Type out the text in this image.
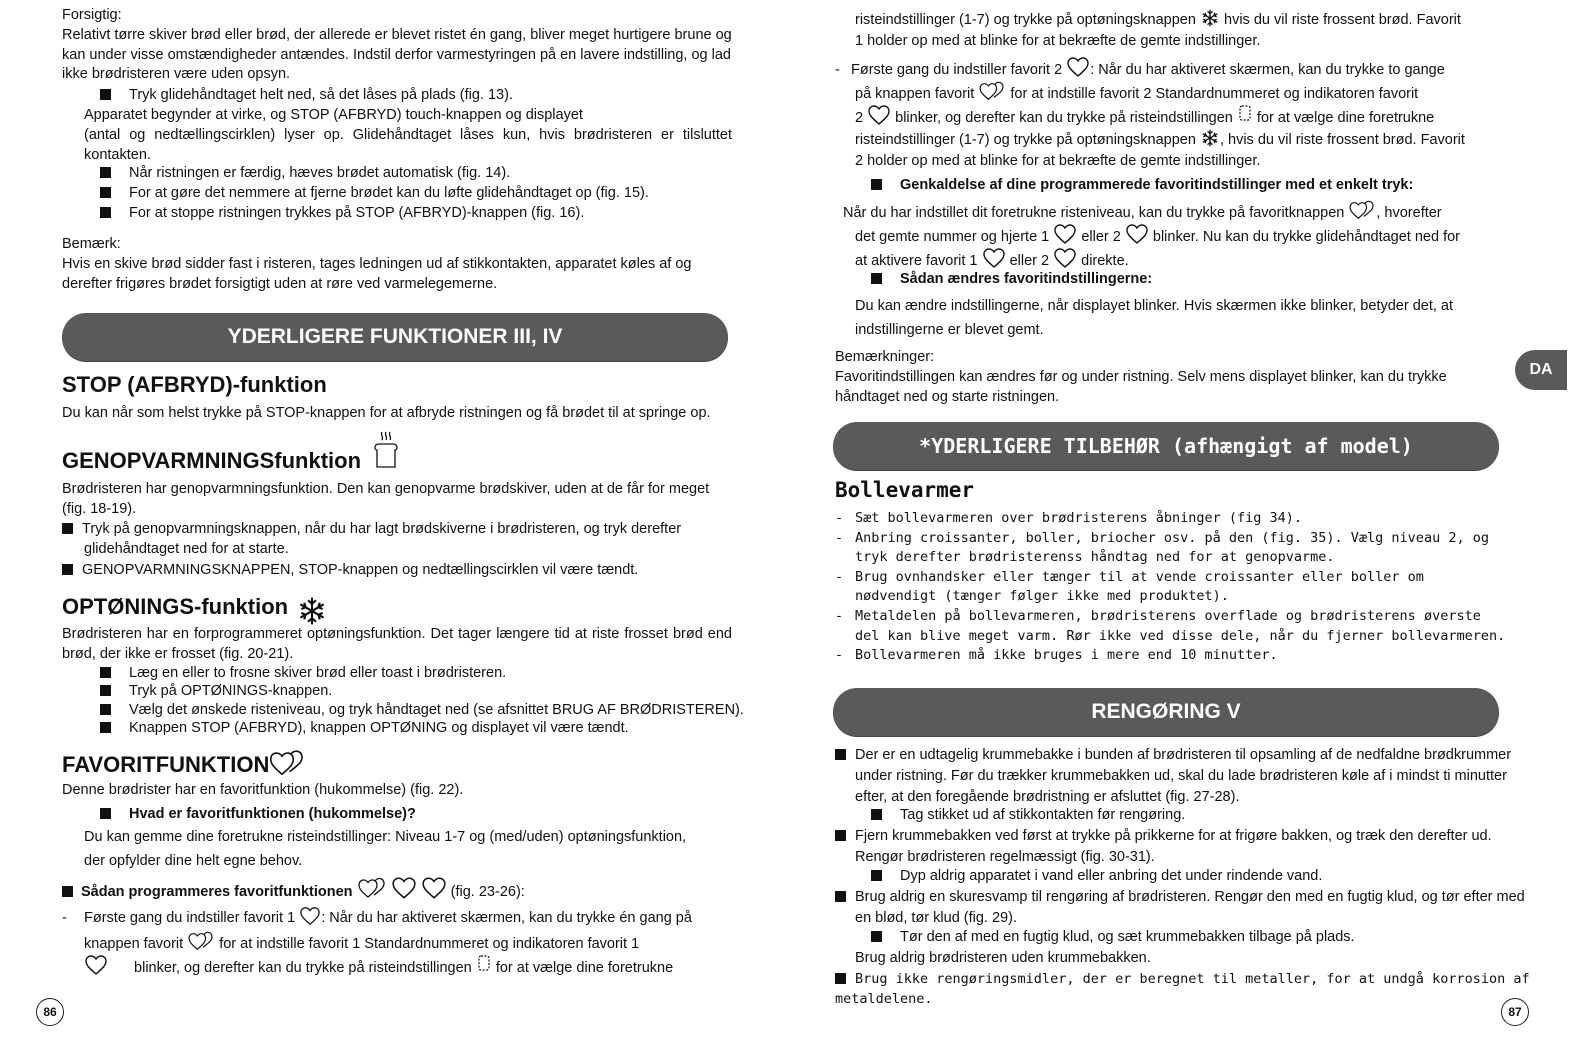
Forsigtig:

Relativt tørre skiver brød eller brød, der allerede er blevet ristet én gang, bliver meget hurtigere brune og kan under visse omstændigheder antændes. Indstil derfor varmestyringen på en lavere indstilling, og lad ikke brødristeren være uden opsyn.

Tryk glidehåndtaget helt ned, så det låses på plads (fig. 13).

Apparatet begynder at virke, og STOP (AFBRYD) touch-knappen og displayet

(antal og nedtællingscirklen) lyser op. Glidehåndtaget låses kun, hvis brødristeren er tilsluttet kontakten.

Når ristningen er færdig, hæves brødet automatisk (fig. 14).

For at gøre det nemmere at fjerne brødet kan du løfte glidehåndtaget op (fig. 15).

For at stoppe ristningen trykkes på STOP (AFBRYD)-knappen (fig. 16).

Bemærk:

Hvis en skive brød sidder fast i risteren, tages ledningen ud af stikkontakten, apparatet køles af og derefter frigøres brødet forsigtigt uden at røre ved varmelegemerne.

YDERLIGERE FUNKTIONER III, IV
STOP (AFBRYD)-funktion

Du kan når som helst trykke på STOP-knappen for at afbryde ristningen og få brødet til at springe op.

GENOPVARMNINGSfunktion

Brødristeren har genopvarmningsfunktion. Den kan genopvarme brødskiver, uden at de får for meget (fig. 18-19).

Tryk på genopvarmningsknappen, når du har lagt brødskiverne i brødristeren, og tryk derefter glidehåndtaget ned for at starte.

GENOPVARMNINGSKNAPPEN, STOP-knappen og nedtællingscirklen vil være tændt.

OPTØNINGS-funktion

Brødristeren har en forprogrammeret optøningsfunktion. Det tager længere tid at riste frosset brød end brød, der ikke er frosset (fig. 20-21).

Læg en eller to frosne skiver brød eller toast i brødristeren.

Tryk på OPTØNINGS-knappen.

Vælg det ønskede risteniveau, og tryk håndtaget ned (se afsnittet BRUG AF BRØDRISTEREN).

Knappen STOP (AFBRYD), knappen OPTØNING og displayet vil være tændt.

FAVORITFUNKTION

Denne brødrister har en favoritfunktion (hukommelse) (fig. 22).

Hvad er favoritfunktionen (hukommelse)?

Du kan gemme dine foretrukne risteindstillinger: Niveau 1-7 og (med/uden) optøningsfunktion,

der opfylder dine helt egne behov.

Sådan programmeres favoritfunktionen	(fig. 23-26):

- Første gang du indstiller favorit 1 : Når du har aktiveret skærmen, kan du trykke én gang på

knappen favorit for at indstille favorit 1 Standardnummeret og indikatoren favorit 1

blinker, og derefter kan du trykke på risteindstillingen for at vælge dine foretrukne

86

risteindstillinger (1-7) og trykke på optøningsknappen hvis du vil riste frossent brød. Favorit

1 holder op med at blinke for at bekræfte de gemte indstillinger.

- Første gang du indstiller favorit 2 : Når du har aktiveret skærmen, kan du trykke to gange

på knappen favorit for at indstille favorit 2 Standardnummeret og indikatoren favorit

2 blinker, og derefter kan du trykke på risteindstillingen for at vælge dine foretrukne

risteindstillinger (1-7) og trykke på optøningsknappen , hvis du vil riste frossent brød. Favorit

2 holder op med at blinke for at bekræfte de gemte indstillinger.

Genkaldelse af dine programmerede favoritindstillinger med et enkelt tryk:

Når du har indstillet dit foretrukne risteniveau, kan du trykke på favoritknappen , hvorefter

det gemte nummer og hjerte 1 eller 2 blinker. Nu kan du trykke glidehåndtaget ned for

at aktivere favorit 1 eller 2 direkte.

Sådan ændres favoritindstillingerne:

Du kan ændre indstillingerne, når displayet blinker. Hvis skærmen ikke blinker, betyder det, at indstillingerne er blevet gemt.

Bemærkninger:

Favoritindstillingen kan ændres før og under ristning. Selv mens displayet blinker, kan du trykke håndtaget ned og starte ristningen.

DA
*YDERLIGERE TILBEHØR (afhængigt af model)
Bollevarmer
- Sæt bollevarmeren over brødristerens åbninger (fig 34).
- Anbring croissanter, boller, briocher osv. på den (fig. 35). Vælg niveau 2, og tryk derefter brødristerenss håndtag ned for at genopvarme.
- Brug ovnhandsker eller tænger til at vende croissanter eller boller om nødvendigt (tænger følger ikke med produktet).
- Metaldelen på bollevarmeren, brødristerens overflade og brødristerens øverste del kan blive meget varm. Rør ikke ved disse dele, når du fjerner bollevarmeren.
- Bollevarmeren må ikke bruges i mere end 10 minutter.
RENGØRING V

Der er en udtagelig krummebakke i bunden af brødristeren til opsamling af de nedfaldne brødkrummer under ristning. Før du trækker krummebakken ud, skal du lade brødristeren køle af i mindst ti minutter efter, at den foregående brødristning er afsluttet (fig. 27-28).

Tag stikket ud af stikkontakten før rengøring.

Fjern krummebakken ved først at trykke på prikkerne for at frigøre bakken, og træk den derefter ud. Rengør brødristeren regelmæssigt (fig. 30-31).

Dyp aldrig apparatet i vand eller anbring det under rindende vand.

Brug aldrig en skuresvamp til rengøring af brødristeren. Rengør den med en fugtig klud, og tør efter med en blød, tør klud (fig. 29).

Tør den af med en fugtig klud, og sæt krummebakken tilbage på plads.

Brug aldrig brødristeren uden krummebakken.

Brug ikke rengøringsmidler, der er beregnet til metaller, for at undgå korrosion af metaldelene.

87
